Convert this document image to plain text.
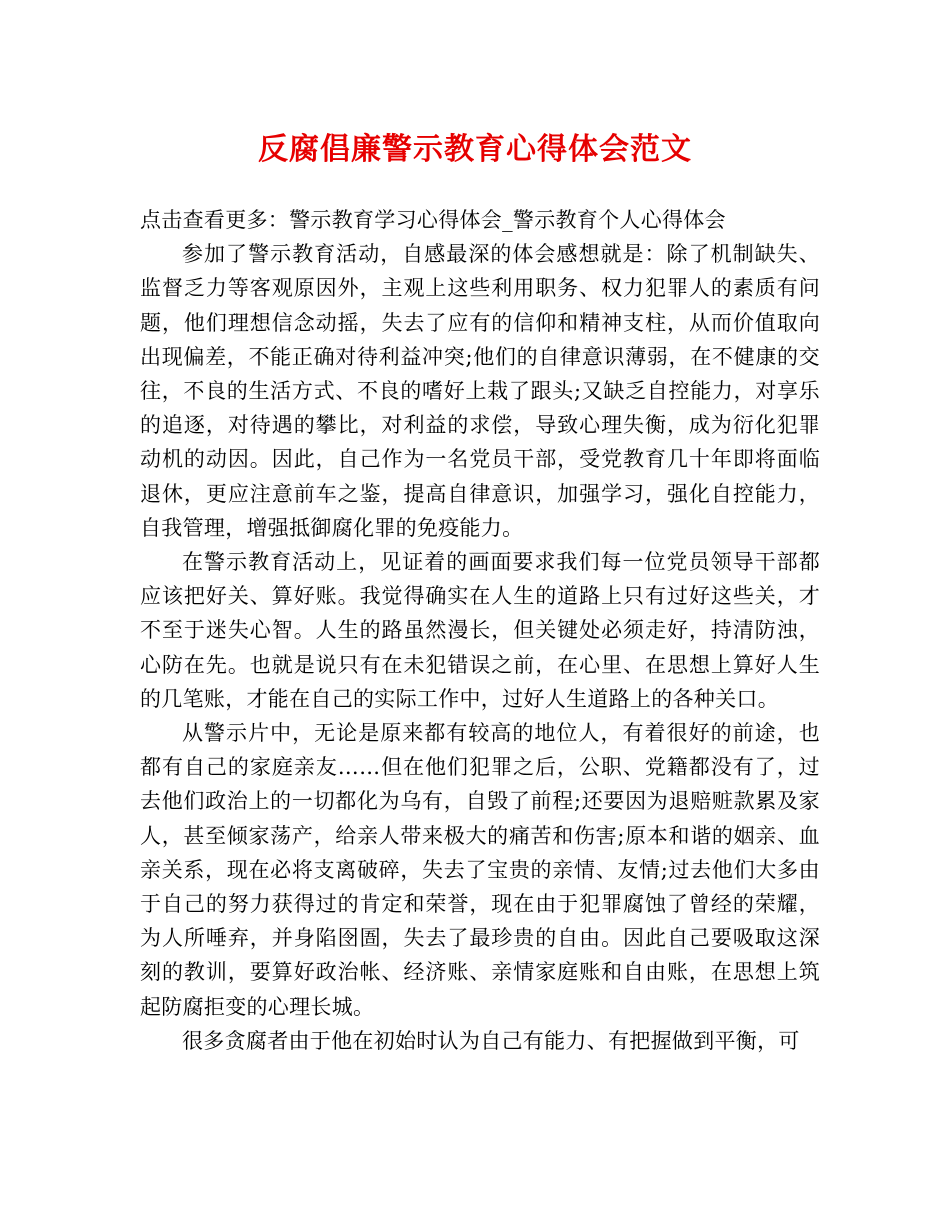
反腐倡廉警示教育心得体会范文

点击查看更多：警示教育学习心得体会_警示教育个人心得体会

参加了警示教育活动，自感最深的体会感想就是：除了机制缺失、监督乏力等客观原因外，主观上这些利用职务、权力犯罪人的素质有问题，他们理想信念动摇，失去了应有的信仰和精神支柱，从而价值取向出现偏差，不能正确对待利益冲突;他们的自律意识薄弱，在不健康的交往，不良的生活方式、不良的嗜好上栽了跟头;又缺乏自控能力，对享乐的追逐，对待遇的攀比，对利益的求偿，导致心理失衡，成为衍化犯罪动机的动因。因此，自己作为一名党员干部，受党教育几十年即将面临退休，更应注意前车之鉴，提高自律意识，加强学习，强化自控能力，自我管理，增强抵御腐化罪的免疫能力。

在警示教育活动上，见证着的画面要求我们每一位党员领导干部都应该把好关、算好账。我觉得确实在人生的道路上只有过好这些关，才不至于迷失心智。人生的路虽然漫长，但关键处必须走好，持清防浊，心防在先。也就是说只有在未犯错误之前，在心里、在思想上算好人生的几笔账，才能在自己的实际工作中，过好人生道路上的各种关口。

从警示片中，无论是原来都有较高的地位人，有着很好的前途，也都有自己的家庭亲友……但在他们犯罪之后，公职、党籍都没有了，过去他们政治上的一切都化为乌有，自毁了前程;还要因为退赔赃款累及家人，甚至倾家荡产，给亲人带来极大的痛苦和伤害;原本和谐的姻亲、血亲关系，现在必将支离破碎，失去了宝贵的亲情、友情;过去他们大多由于自己的努力获得过的肯定和荣誉，现在由于犯罪腐蚀了曾经的荣耀，为人所唾弃，并身陷囹圄，失去了最珍贵的自由。因此自己要吸取这深刻的教训，要算好政治帐、经济账、亲情家庭账和自由账，在思想上筑起防腐拒变的心理长城。

很多贪腐者由于他在初始时认为自己有能力、有把握做到平衡，可
